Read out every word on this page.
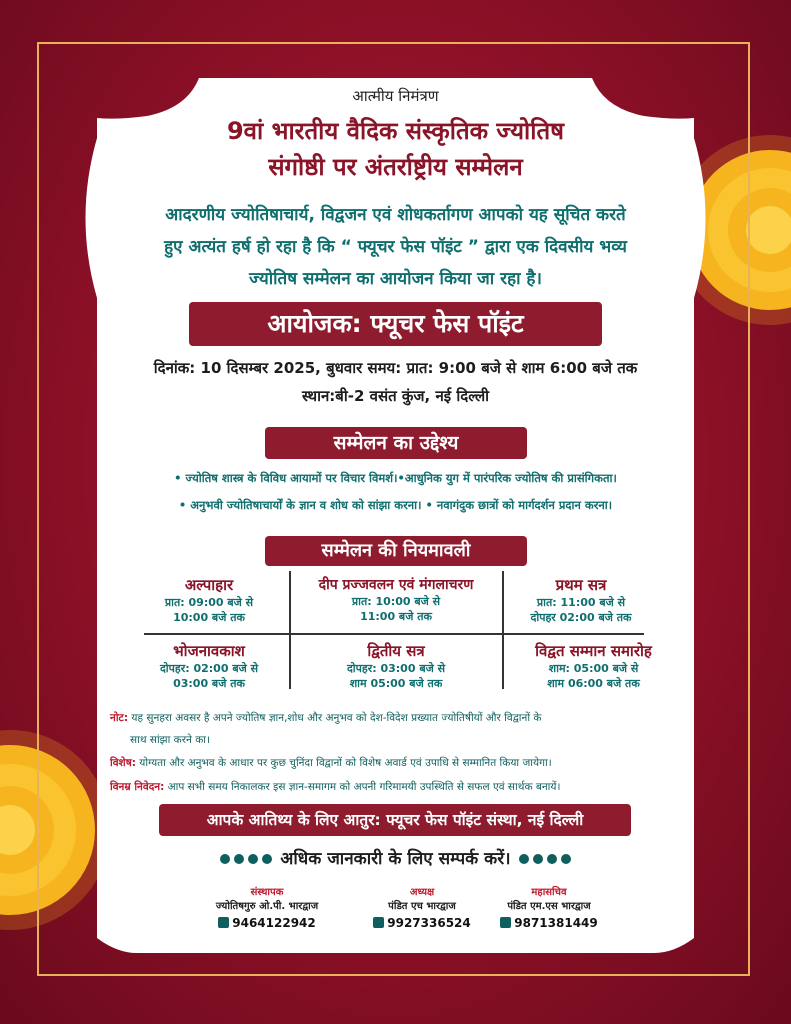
आत्मीय निमंत्रण
9वां भारतीय वैदिक संस्कृतिक ज्योतिष
संगोष्ठी पर अंतर्राष्ट्रीय सम्मेलन
आदरणीय ज्योतिषाचार्य, विद्वजन एवं शोधकर्तागण आपको यह सूचित करते
हुए अत्यंत हर्ष हो रहा है कि “ फ्यूचर फेस पॉइंट ” द्वारा एक दिवसीय भव्य
ज्योतिष सम्मेलन का आयोजन किया जा रहा है।
आयोजक: फ्यूचर फेस पॉइंट
दिनांक: 10 दिसम्बर 2025, बुधवार समय: प्रात: 9:00 बजे से शाम 6:00 बजे तक
स्थान:बी-2 वसंत कुंज, नई दिल्ली
सम्मेलन का उद्देश्य
• ज्योतिष शास्त्र के विविध आयामों पर विचार विमर्श।•आधुनिक युग में पारंपरिक ज्योतिष की प्रासंगिकता।
• अनुभवी ज्योतिषाचार्यों के ज्ञान व शोध को सांझा करना। • नवागंदुक छात्रों को मार्गदर्शन प्रदान करना।
सम्मेलन की नियमावली
अल्पाहार
प्रात: 09:00 बजे से
10:00 बजे तक
दीप प्रज्जवलन एवं मंगलाचरण
प्रात: 10:00 बजे से
11:00 बजे तक
प्रथम सत्र
प्रात: 11:00 बजे से
दोपहर 02:00 बजे तक
भोजनावकाश
दोपहर: 02:00 बजे से
03:00 बजे तक
द्वितीय सत्र
दोपहर: 03:00 बजे से
शाम 05:00 बजे तक
विद्वत सम्मान समारोह
शाम: 05:00 बजे से
शाम 06:00 बजे तक
नोट: यह सुनहरा अवसर है अपने ज्योतिष ज्ञान,शोध और अनुभव को देश-विदेश प्रख्यात ज्योतिषीयों और विद्वानों के
साथ सांझा करने का।
विशेष: योग्यता और अनुभव के आधार पर कुछ चुनिंदा विद्वानों को विशेष अवार्ड एवं उपाधि से सम्मानित किया जायेगा।
विनम्र निवेदन: आप सभी समय निकालकर इस ज्ञान-समागम को अपनी गरिमामयी उपस्थिति से सफल एवं सार्थक बनायें।
आपके आतिथ्य के लिए आतुर: फ्यूचर फेस पॉइंट संस्था, नई दिल्ली
अधिक जानकारी के लिए सम्पर्क करें।
संस्थापक
ज्योतिषगुरु ओ.पी. भारद्वाज
9464122942
अध्यक्ष
पंडित एच भारद्वाज
9927336524
महासचिव
पंडित एम.एस भारद्वाज
9871381449
